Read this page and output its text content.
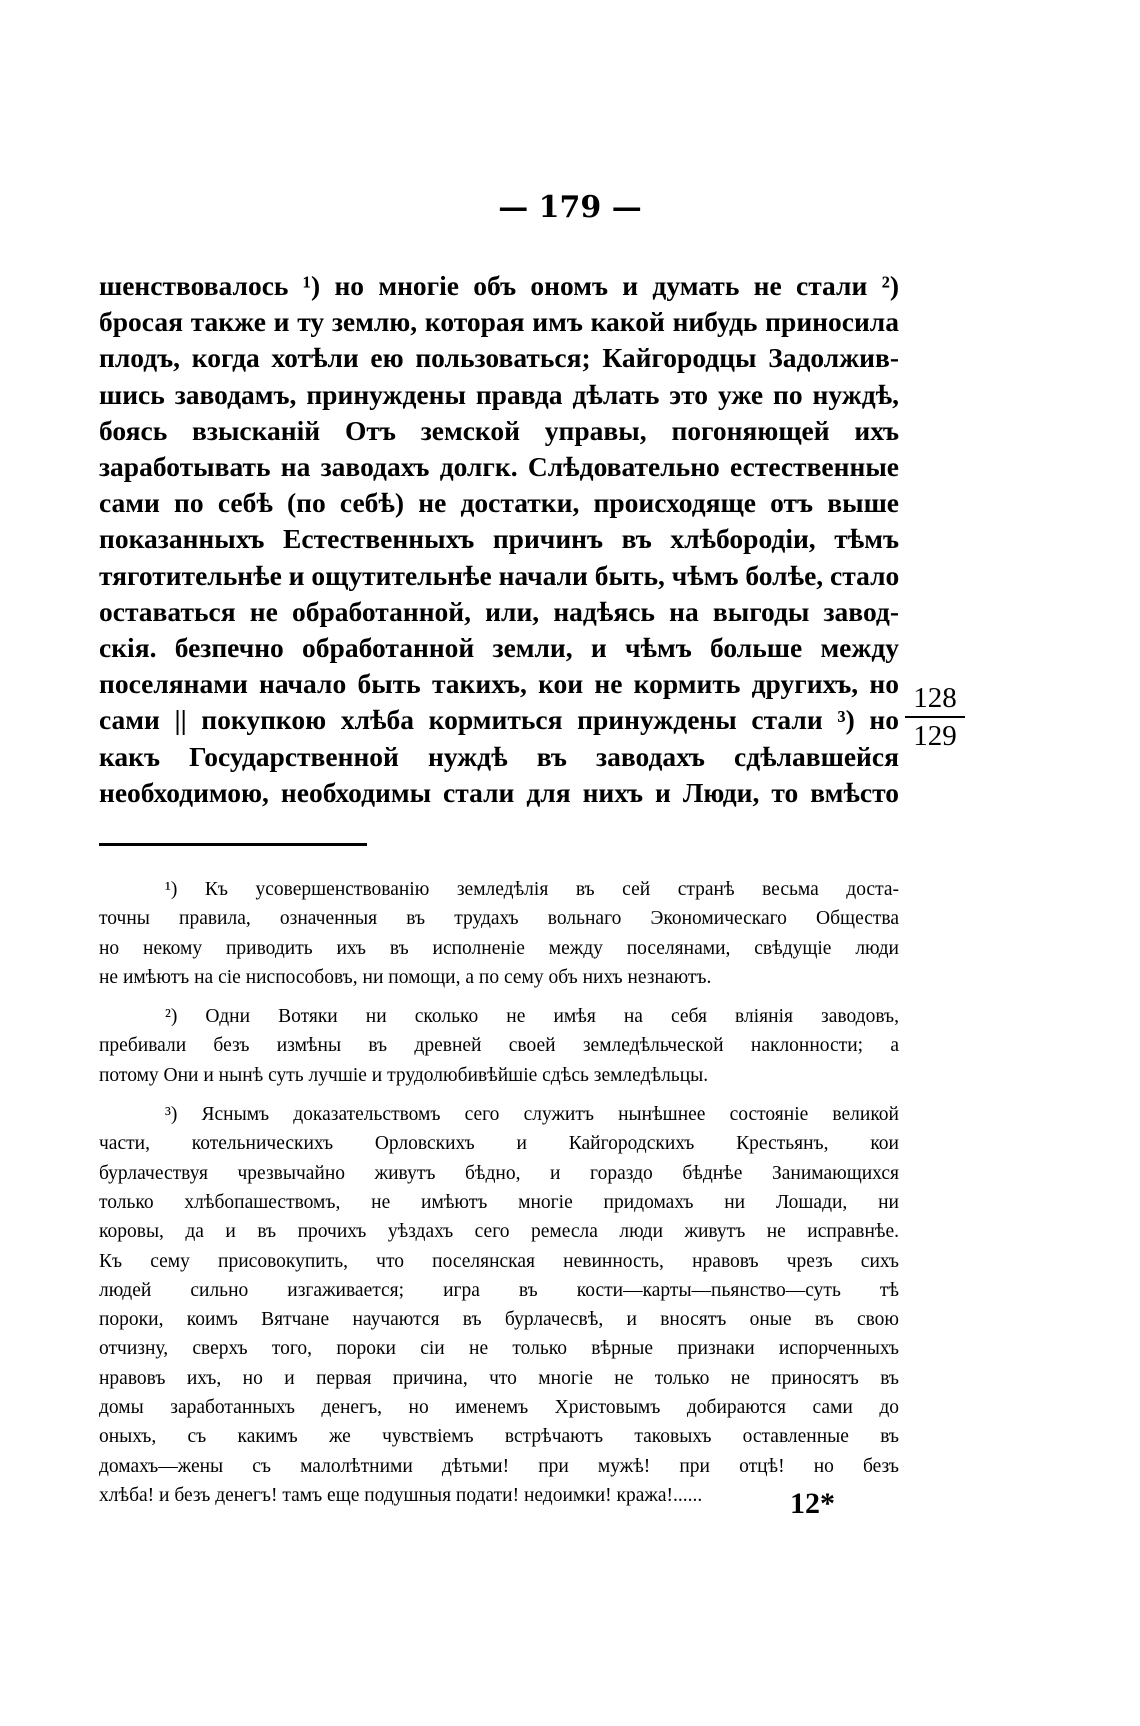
— 179 —
шенствовалось ¹) но многіе объ ономъ и думать не стали ²)
бросая также и ту землю, которая имъ какой нибудь приносила
плодъ, когда хотѣли ею пользоваться; Кайгородцы Задолжив-
шись заводамъ, принуждены правда дѣлать это уже по нуждѣ,
боясь взысканій Отъ земской управы, погоняющей ихъ
заработывать на заводахъ долгк. Слѣдовательно естественные
сами по себѣ (по себѣ) не достатки, происходящe отъ выше
показанныхъ Естественныхъ причинъ въ хлѣбородіи, тѣмъ
тяготительнѣе и ощутительнѣе начали быть, чѣмъ болѣе, стало
оставаться не обработанной, или, надѣясь на выгоды завод-
скія. безпечно обработанной земли, и чѣмъ больше между
поселянами начало быть такихъ, кои не кормить другихъ, но
сами || покупкою хлѣба кормиться принуждены стали ³) но
какъ Государственной нуждѣ въ заводахъ сдѣлавшейся
необходимою, необходимы стали для нихъ и Люди, то вмѣсто
128
129
¹) Къ усовершенствованію земледѣлія въ сей странѣ весьма доста-
точны правила, означенныя въ трудахъ вольнаго Экономическаго Общества
но некому приводить ихъ въ исполненіе между поселянами, свѣдущіе люди
не имѣютъ на сіе ниспособовъ, ни помощи, а по сему объ нихъ незнаютъ.
²) Одни Вотяки ни сколько не имѣя на себя вліянія заводовъ,
пребивали безъ измѣны въ древней своей земледѣльческой наклонности; а
потому Они и нынѣ суть лучшіе и трудолюбивѣйшіе сдѣсь земледѣльцы.
³) Яснымъ доказательствомъ сего служитъ нынѣшнее состояніе великой
части, котельническихъ Орловскихъ и Кайгородскихъ Крестьянъ, кои
бурлачествуя чрезвычайно живутъ бѣдно, и гораздо бѣднѣе Занимающихся
только хлѣбопашествомъ, не имѣютъ многіе придомахъ ни Лошади, ни
коровы, да и въ прочихъ уѣздахъ сего ремесла люди живутъ не исправнѣе.
Къ сему присовокупить, что поселянская невинность, нравовъ чрезъ сихъ
людей сильно изгаживается; игра въ кости—карты—пьянство—суть тѣ
пороки, коимъ Вятчане научаются въ бурлачесвѣ, и вносятъ оные въ свою
отчизну, сверхъ того, пороки сіи не только вѣрные признаки испорченныхъ
нравовъ ихъ, но и первая причина, что многіе не только не приносятъ въ
домы заработанныхъ денегъ, но именемъ Христовымъ добираются сами до
оныхъ, съ какимъ же чувствіемъ встрѣчаютъ таковыхъ оставленные въ
домахъ—жены съ малолѣтними дѣтьми! при мужѣ! при отцѣ! но безъ
хлѣба! и безъ денегъ! тамъ еще подушныя подати! недоимки! кража!......	12*
